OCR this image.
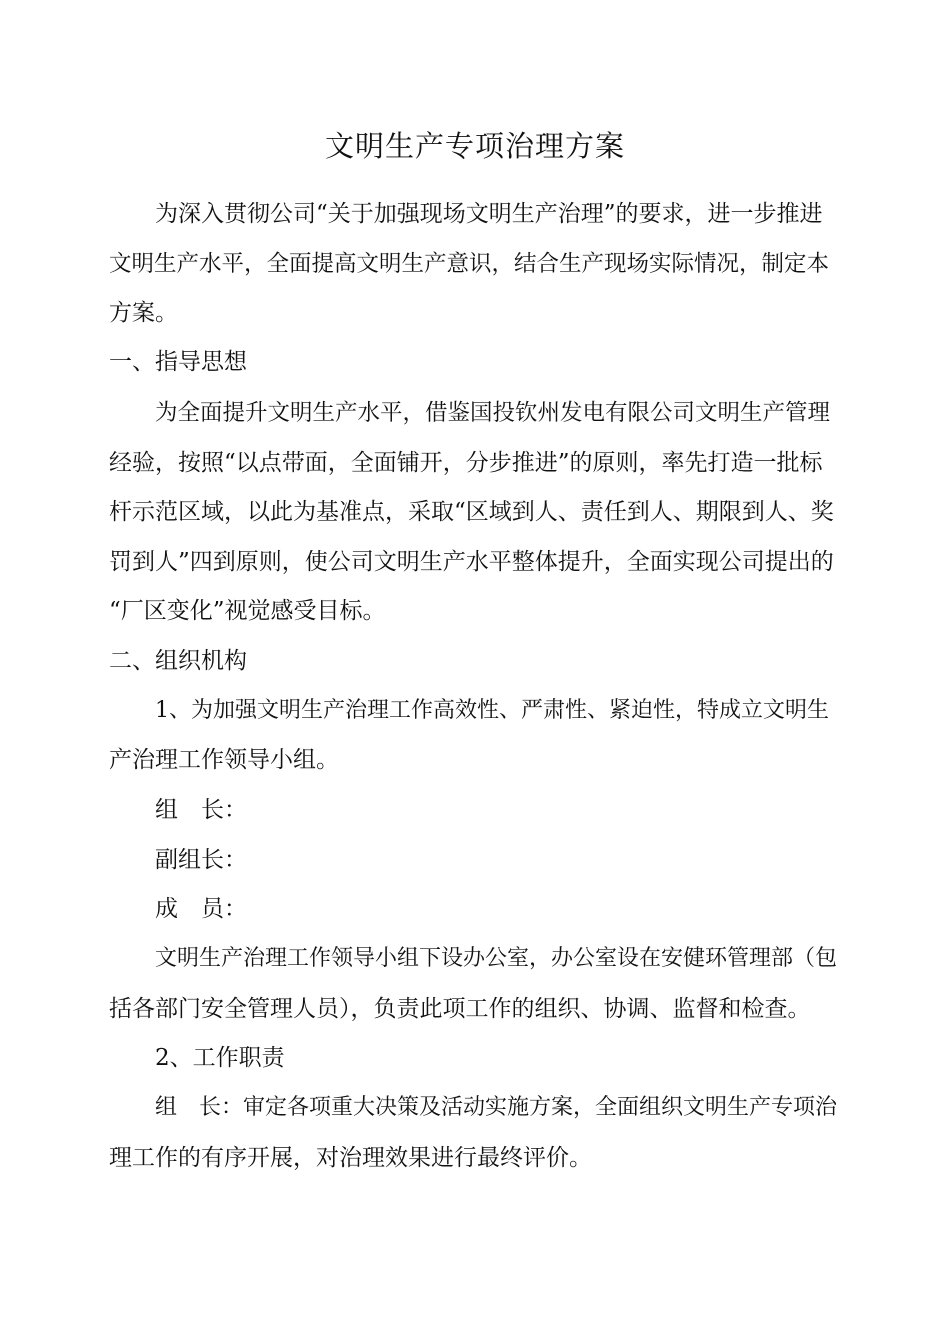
文明生产专项治理方案
为深入贯彻公司“关于加强现场文明生产治理”的要求，进一步推进
文明生产水平，全面提高文明生产意识，结合生产现场实际情况，制定本
方案。
一、指导思想
为全面提升文明生产水平，借鉴国投钦州发电有限公司文明生产管理
经验，按照“以点带面，全面铺开，分步推进”的原则，率先打造一批标
杆示范区域，以此为基准点，采取“区域到人、责任到人、期限到人、奖
罚到人”四到原则，使公司文明生产水平整体提升，全面实现公司提出的
“厂区变化”视觉感受目标。
二、组织机构
1、为加强文明生产治理工作高效性、严肃性、紧迫性，特成立文明生
产治理工作领导小组。
组　长：
副组长：
成　员：
文明生产治理工作领导小组下设办公室，办公室设在安健环管理部（包
括各部门安全管理人员），负责此项工作的组织、协调、监督和检查。
2、工作职责
组　长：审定各项重大决策及活动实施方案，全面组织文明生产专项治
理工作的有序开展，对治理效果进行最终评价。
